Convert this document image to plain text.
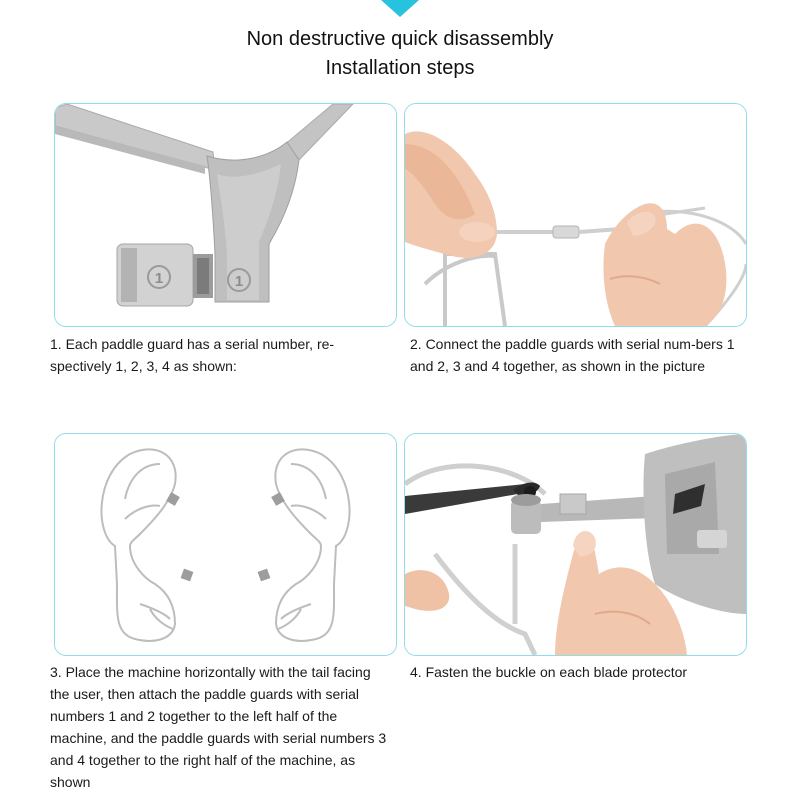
Non destructive quick disassembly
Installation steps
1	1
1. Each paddle guard has a serial number, re-spectively 1, 2, 3, 4 as shown:
2. Connect the paddle guards with serial num-bers 1 and 2, 3 and 4 together, as shown in the picture
3. Place the machine horizontally with the tail facing the user, then attach the paddle guards with serial numbers 1 and 2 together to the left half of the machine, and the paddle guards with serial numbers 3 and 4 together to the right half of the machine, as shown
4. Fasten the buckle on each blade protector
